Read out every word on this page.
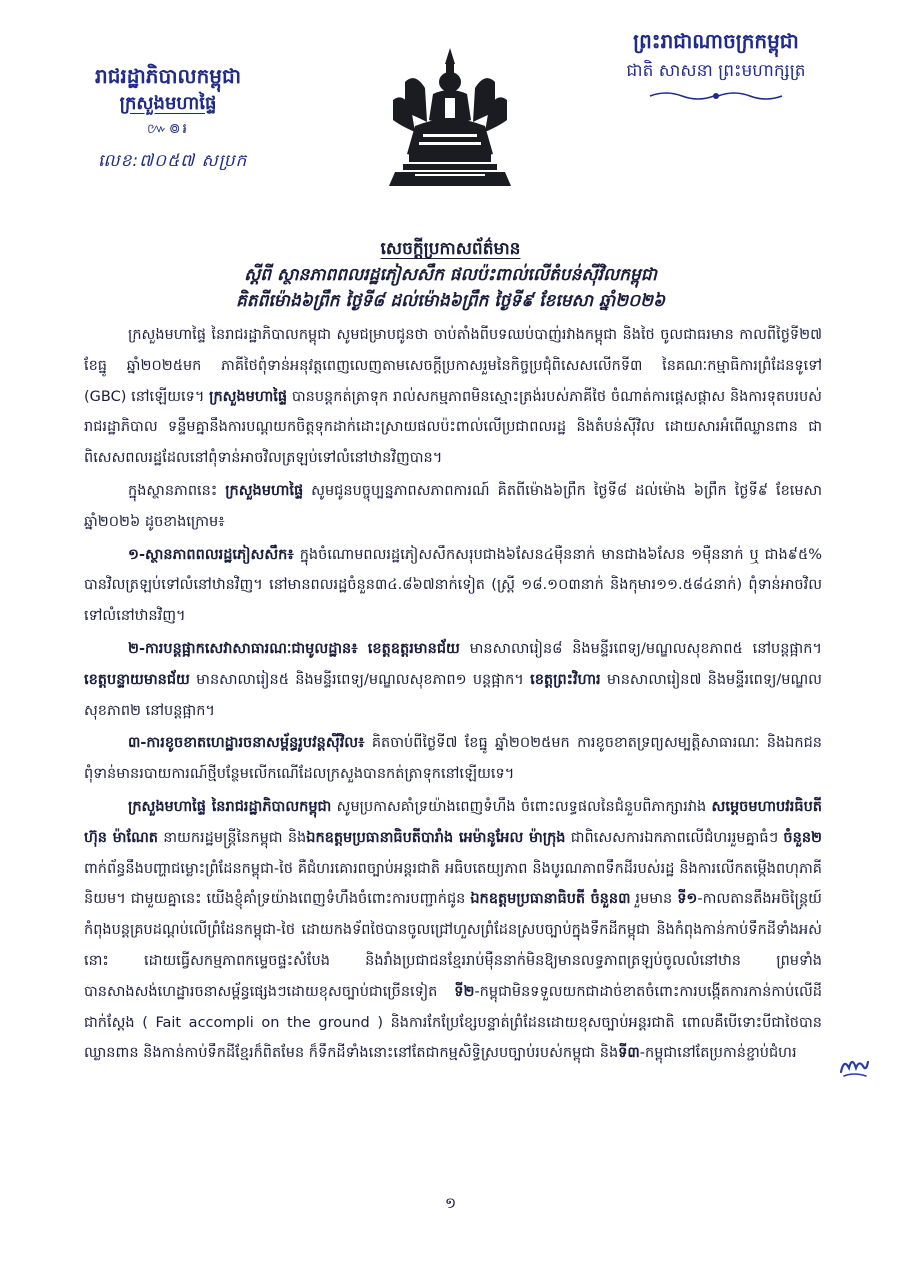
រាជរដ្ឋាភិបាលកម្ពុជា
ក្រសួងមហាផ្ទៃ
៚៙៛
លេខ:៧០៥៧ សប្រក
ព្រះរាជាណាចក្រកម្ពុជា
ជាតិ សាសនា ព្រះមហាក្សត្រ
សេចក្តីប្រកាសព័ត៌មាន
ស្តីពី ស្ថានភាពពលរដ្ឋភៀសសឹក ផលប៉ះពាល់លើតំបន់ស៊ីវិលកម្ពុជា
គិតពីម៉ោង៦ព្រឹក ថ្ងៃទី៨ ដល់ម៉ោង៦ព្រឹក ថ្ងៃទី៩ ខែមេសា ឆ្នាំ២០២៦

ក្រសួងមហាផ្ទៃ នៃរាជរដ្ឋាភិបាលកម្ពុជា សូមជម្រាបជូនថា ចាប់តាំងពីបទឈប់បាញ់រវាងកម្ពុជា និងថៃ ចូលជាធរមាន កាលពីថ្ងៃទី២៧ ខែធ្នូ ឆ្នាំ២០២៥មក ភាគីថៃពុំទាន់អនុវត្តពេញលេញតាមសេចក្តីប្រកាសរួមនៃកិច្ចប្រជុំពិសេសលើកទី៣ នៃគណៈកម្មាធិការព្រំដែនទូទៅ (GBC) នៅឡើយទេ។ ក្រសួងមហាផ្ទៃ បានបន្តកត់ត្រាទុក រាល់សកម្មភាពមិនស្មោះត្រង់របស់ភាគីថៃ ចំណាត់ការផ្តេសផ្តាស និងការទុតបរបស់រាជរដ្ឋាភិបាល ទន្ទឹមគ្នានឹងការបណ្តយកចិត្តទុកដាក់ដោះស្រាយផលប៉ះពាល់លើប្រជាពលរដ្ឋ និងតំបន់ស៊ីវិល ដោយសារអំពើឈ្លានពាន ជាពិសេសពលរដ្ឋដែលនៅពុំទាន់អាចវិលត្រឡប់ទៅលំនៅឋានវិញបាន។

ក្នុងស្ថានភាពនេះ ក្រសួងមហាផ្ទៃ សូមជូនបច្ចុប្បន្នភាពសភាពការណ៍ គិតពីម៉ោង៦ព្រឹក ថ្ងៃទី៨ ដល់ម៉ោង ៦ព្រឹក ថ្ងៃទី៩ ខែមេសា ឆ្នាំ២០២៦ ដូចខាងក្រោម៖

១-ស្ថានភាពពលរដ្ឋភៀសសឹក៖ ក្នុងចំណោមពលរដ្ឋភៀសសឹកសរុបជាង៦សែន៤ម៉ឺននាក់ មានជាង៦សែន ១ម៉ឺននាក់ ឬ ជាង៩៥% បានវិលត្រឡប់ទៅលំនៅឋានវិញ។ នៅមានពលរដ្ឋចំនួន៣៤.៨៦៧នាក់ទៀត (ស្ត្រី ១៨.១០៣នាក់ និងកុមារ១១.៥៨៤នាក់) ពុំទាន់អាចវិលទៅលំនៅឋានវិញ។

២-ការបន្តផ្អាកសេវាសាធារណៈជាមូលដ្ឋាន៖ ខេត្តឧត្តរមានជ័យ មានសាលារៀន៨ និងមន្ទីរពេទ្យ/មណ្ឌលសុខភាព៥ នៅបន្តផ្អាក។ ខេត្តបន្ទាយមានជ័យ មានសាលារៀន៥ និងមន្ទីរពេទ្យ/មណ្ឌលសុខភាព១ បន្តផ្អាក។ ខេត្តព្រះវិហារ មានសាលារៀន៧ និងមន្ទីរពេទ្យ/មណ្ឌលសុខភាព២ នៅបន្តផ្អាក។

៣-ការខូចខាតហេដ្ឋារចនាសម្ព័ន្ធរូបវន្តស៊ីវិល៖ គិតចាប់ពីថ្ងៃទី៧ ខែធ្នូ ឆ្នាំ២០២៥មក ការខូចខាតទ្រព្យសម្បត្តិសាធារណៈ និងឯកជន ពុំទាន់មានរបាយការណ៍ថ្មីបន្ថែមលើកណើដែលក្រសួងបានកត់ត្រាទុកនៅឡើយទេ។

ក្រសួងមហាផ្ទៃ នៃរាជរដ្ឋាភិបាលកម្ពុជា សូមប្រកាសគាំទ្រយ៉ាងពេញទំហឹង ចំពោះលទ្ធផលនៃជំនួបពិភាក្សារវាង សម្តេចមហាបវរធិបតី ហ៊ុន ម៉ាណែត នាយករដ្ឋមន្ត្រីនៃកម្ពុជា និងឯកឧត្តមប្រធានាធិបតីបារាំង អេម៉ានូអែល ម៉ាក្រុង ជាពិសេសការឯកភាពលើជំហររួមគ្នាធំៗ ចំនួន២ ពាក់ព័ន្ធនឹងបញ្ហាជម្លោះព្រំដែនកម្ពុជា-ថៃ គឺជំហរគោរពច្បាប់អន្តរជាតិ អធិបតេយ្យភាព និងបូរណភាពទឹកដីរបស់រដ្ឋ និងការលើកតម្កើងពហុភាគីនិយម។ ជាមួយគ្នានេះ យើងខ្ញុំគាំទ្រយ៉ាងពេញទំហឹងចំពោះការបញ្ជាក់ជូន ឯកឧត្តមប្រធានាធិបតី ចំនួន៣ រួមមាន ទី១-កាលតានតឹងអចិន្ត្រៃយ៍កំពុងបន្តគ្របដណ្តប់លើព្រំដែនកម្ពុជា-ថៃ ដោយកងទ័ពថៃបានចូលជ្រៅហួសព្រំដែនស្របច្បាប់ក្នុងទឹកដីកម្ពុជា និងកំពុងកាន់កាប់ទឹកដីទាំងអស់នោះ ដោយធ្វើសកម្មភាពកម្ទេចផ្ទះសំបែង និងរាំងប្រជាជនខ្មែររាប់ម៉ឺននាក់មិនឱ្យមានលទ្ធភាពត្រឡប់ចូលលំនៅឋាន ព្រមទាំងបានសាងសង់ហេដ្ឋារចនាសម្ព័ន្ធផ្សេងៗដោយខុសច្បាប់ជាច្រើនទៀត ទី២-កម្ពុជាមិនទទួលយកជាដាច់ខាតចំពោះការបង្កើតការកាន់កាប់លើដីជាក់ស្តែង ( Fait accompli on the ground ) និងការកែប្រែខ្សែបន្ទាត់ព្រំដែនដោយខុសច្បាប់អន្តរជាតិ ពោលគឺបើទោះបីជាថៃបានឈ្លានពាន និងកាន់កាប់ទឹកដីខ្មែរក៏ពិតមែន ក៏ទឹកដីទាំងនោះនៅតែជាកម្មសិទ្ធិស្របច្បាប់របស់កម្ពុជា និងទី៣-កម្ពុជានៅតែប្រកាន់ខ្ជាប់ជំហរ

១
